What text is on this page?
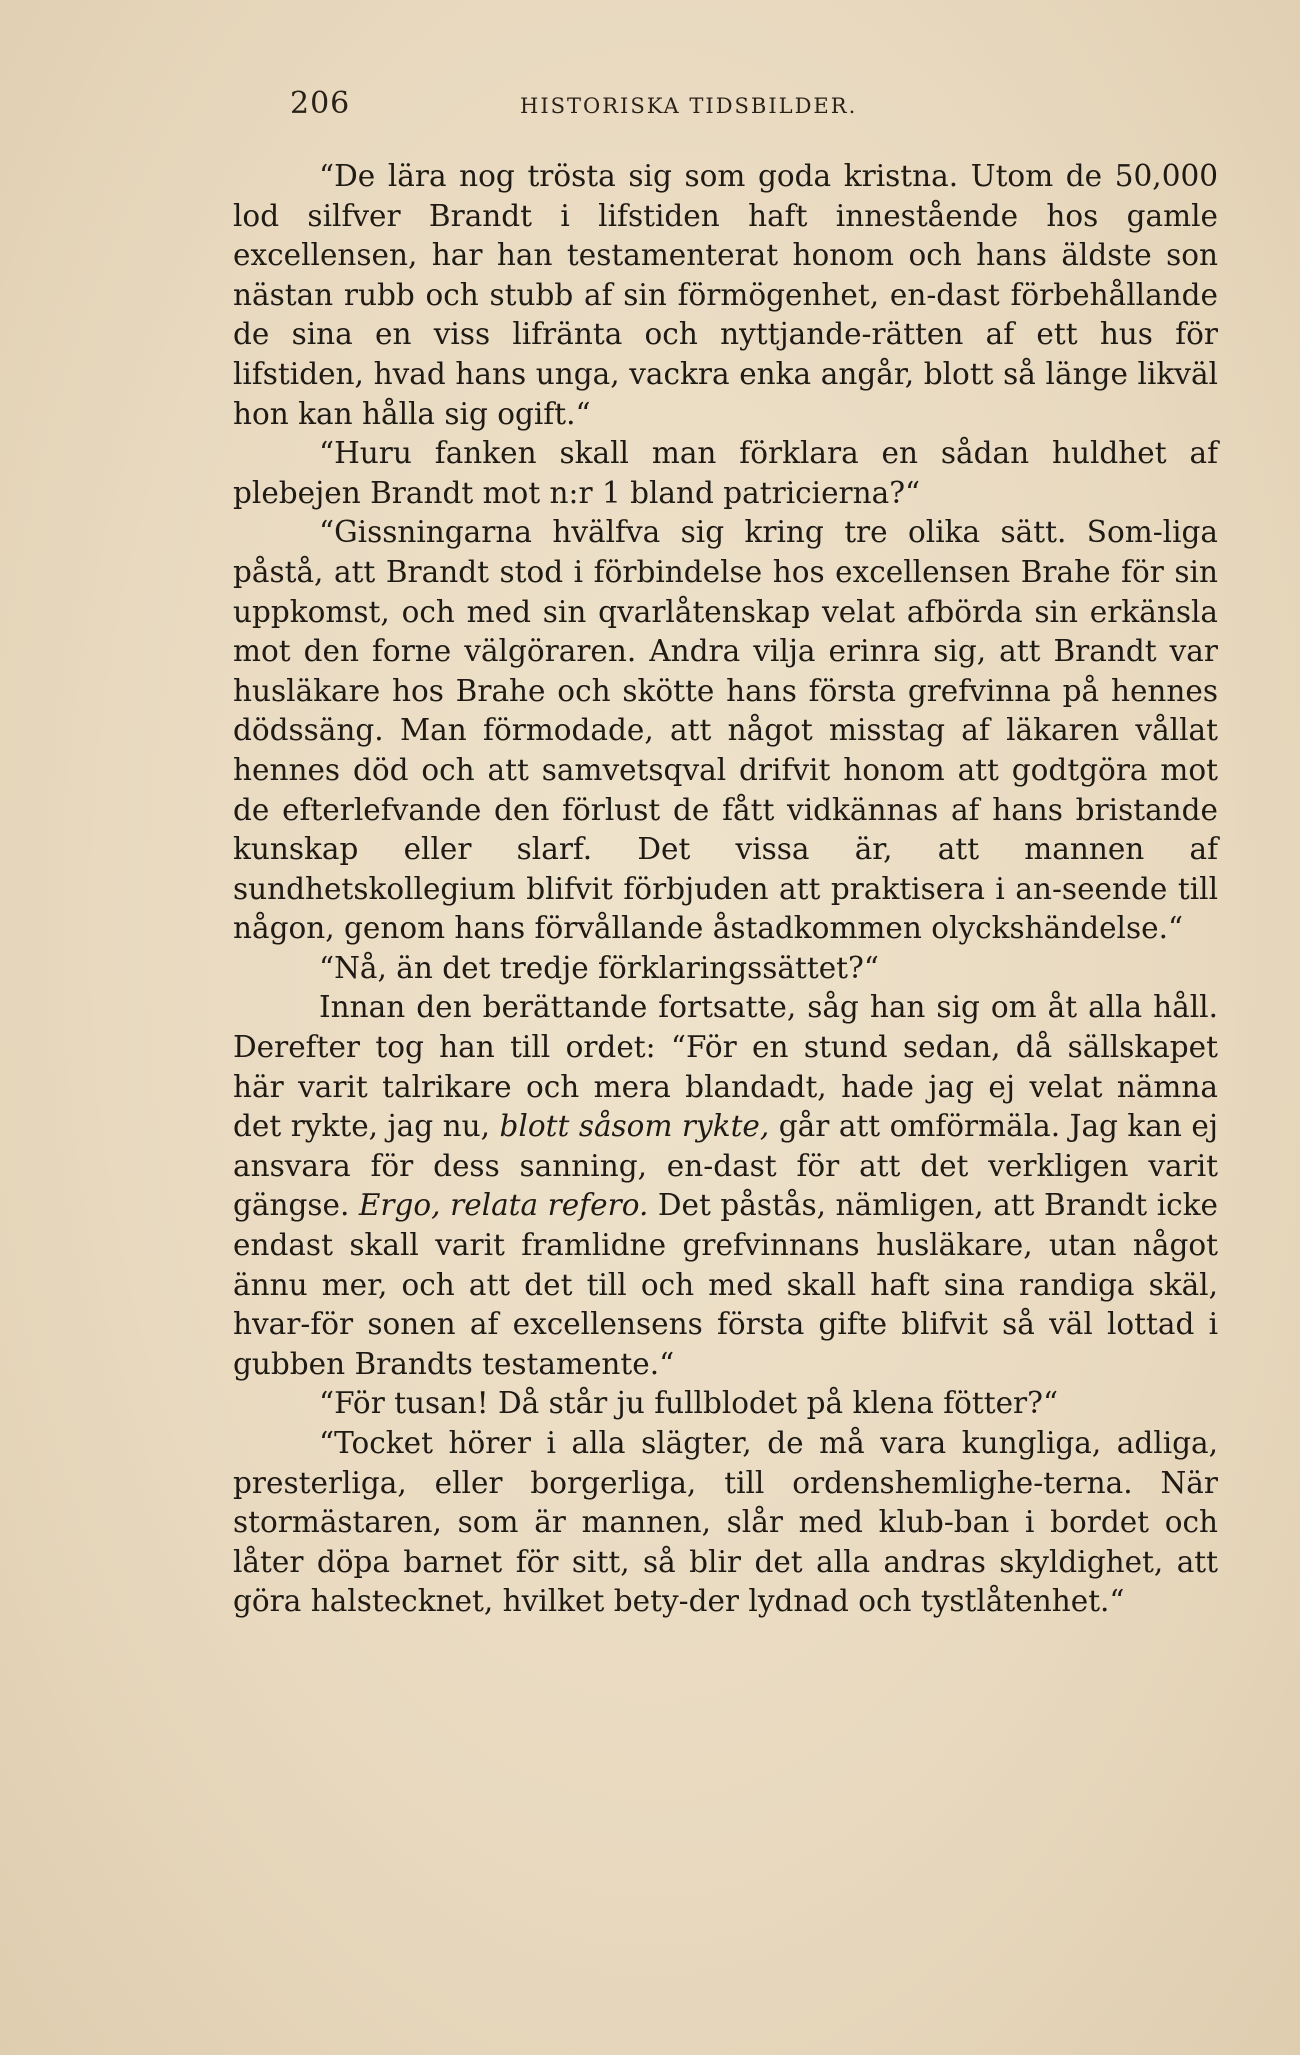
206	HISTORISKA TIDSBILDER.

“De lära nog trösta sig som goda kristna. Utom de 50,000 lod silfver Brandt i lifstiden haft innestående hos gamle excellensen, har han testamenterat honom och hans äldste son nästan rubb och stubb af sin förmögenhet, en-dast förbehållande de sina en viss lifränta och nyttjande-rätten af ett hus för lifstiden, hvad hans unga, vackra enka angår, blott så länge likväl hon kan hålla sig ogift.“

“Huru fanken skall man förklara en sådan huldhet af plebejen Brandt mot n:r 1 bland patricierna?“

“Gissningarna hvälfva sig kring tre olika sätt. Som-liga påstå, att Brandt stod i förbindelse hos excellensen Brahe för sin uppkomst, och med sin qvarlåtenskap velat afbörda sin erkänsla mot den forne välgöraren. Andra vilja erinra sig, att Brandt var husläkare hos Brahe och skötte hans första grefvinna på hennes dödssäng. Man förmodade, att något misstag af läkaren vållat hennes död och att samvetsqval drifvit honom att godtgöra mot de efterlefvande den förlust de fått vidkännas af hans bristande kunskap eller slarf. Det vissa är, att mannen af sundhetskollegium blifvit förbjuden att praktisera i an-seende till någon, genom hans förvållande åstadkommen olyckshändelse.“

“Nå, än det tredje förklaringssättet?“

Innan den berättande fortsatte, såg han sig om åt alla håll. Derefter tog han till ordet: “För en stund sedan, då sällskapet här varit talrikare och mera blandadt, hade jag ej velat nämna det rykte, jag nu, blott såsom rykte, går att omförmäla. Jag kan ej ansvara för dess sanning, en-dast för att det verkligen varit gängse. Ergo, relata refero. Det påstås, nämligen, att Brandt icke endast skall varit framlidne grefvinnans husläkare, utan något ännu mer, och att det till och med skall haft sina randiga skäl, hvar-för sonen af excellensens första gifte blifvit så väl lottad i gubben Brandts testamente.“

“För tusan! Då står ju fullblodet på klena fötter?“

“Tocket hörer i alla slägter, de må vara kungliga, adliga, presterliga, eller borgerliga, till ordenshemlighe-terna. När stormästaren, som är mannen, slår med klub-ban i bordet och låter döpa barnet för sitt, så blir det alla andras skyldighet, att göra halstecknet, hvilket bety-der lydnad och tystlåtenhet.“
